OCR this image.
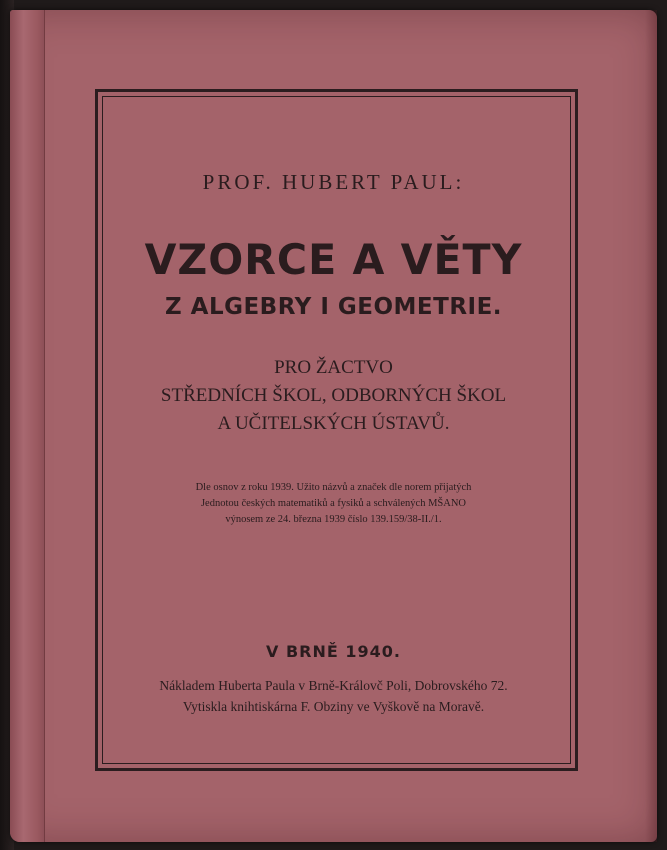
PROF. HUBERT PAUL:
VZORCE A VĚTY
Z ALGEBRY I GEOMETRIE.
PRO ŽACTVO
STŘEDNÍCH ŠKOL, ODBORNÝCH ŠKOL
A UČITELSKÝCH ÚSTAVŮ.
Dle osnov z roku 1939. Užito názvů a značek dle norem přijatých
Jednotou českých matematiků a fysiků a schválených MŠANO
výnosem ze 24. března 1939 číslo 139.159/38-II./1.
V BRNĚ 1940.
Nákladem Huberta Paula v Brně-Královč Poli, Dobrovského 72.
Vytiskla knihtiskárna F. Obziny ve Vyškově na Moravě.
